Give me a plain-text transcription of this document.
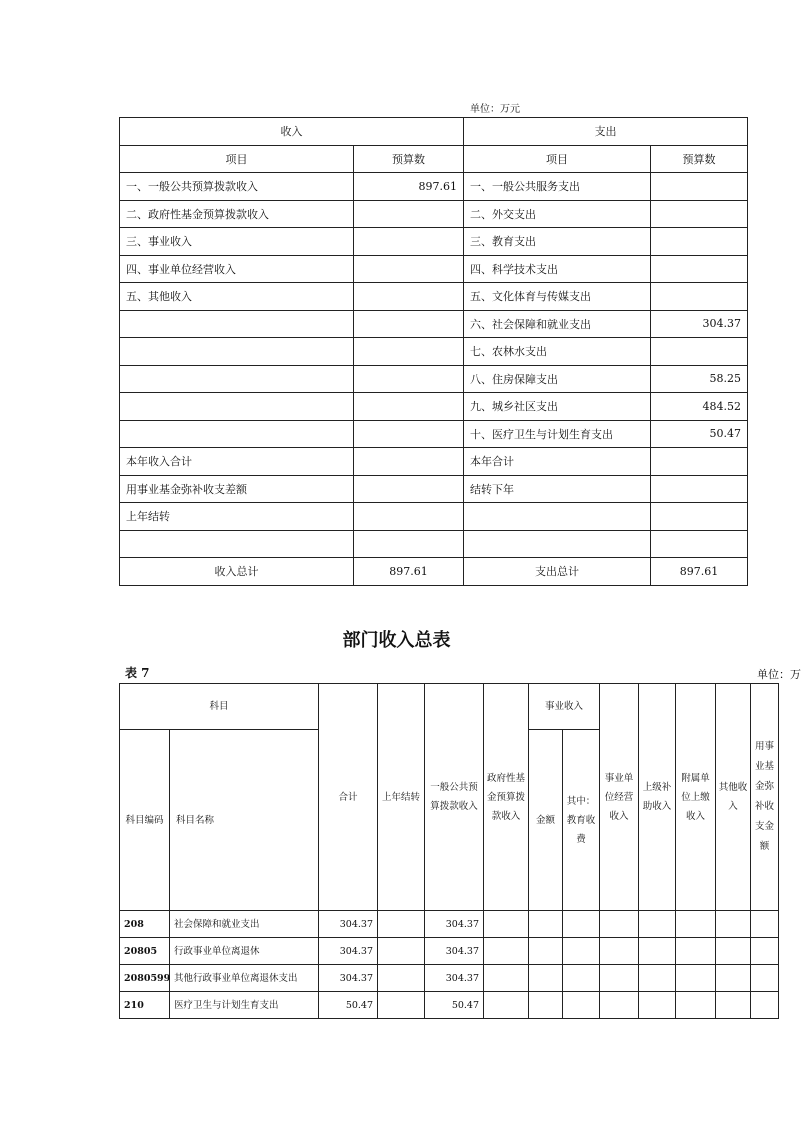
单位：万元
收入		支出	
项目	预算数	项目	预算数
一、一般公共预算拨款收入	897.61	一、一般公共服务支出	
二、政府性基金预算拨款收入		二、外交支出	
三、事业收入		三、教育支出	
四、事业单位经营收入		四、科学技术支出	
五、其他收入		五、文化体育与传媒支出	
		六、社会保障和就业支出	304.37
		七、农林水支出	
		八、住房保障支出	58.25
		九、城乡社区支出	484.52
		十、医疗卫生与计划生育支出	50.47
本年收入合计		本年合计	
用事业基金弥补收支差额		结转下年	
上年结转			

收入总计	897.61	支出总计	897.61
部门收入总表
表 7	单位：万
科目		合计	上年结转	一般公共预算拨款收入	政府性基金预算拨款收入	事业收入		事业单位经营收入	上级补助收入	附属单位上缴收入	其他收入	用事业基金弥补收支金额
科目编码	科目名称					金额	其中：教育收费					
208	社会保障和就业支出	304.37		304.37								
20805	行政事业单位离退休	304.37		304.37								
2080599	其他行政事业单位离退休支出	304.37		304.37								
210	医疗卫生与计划生育支出	50.47		50.47								
